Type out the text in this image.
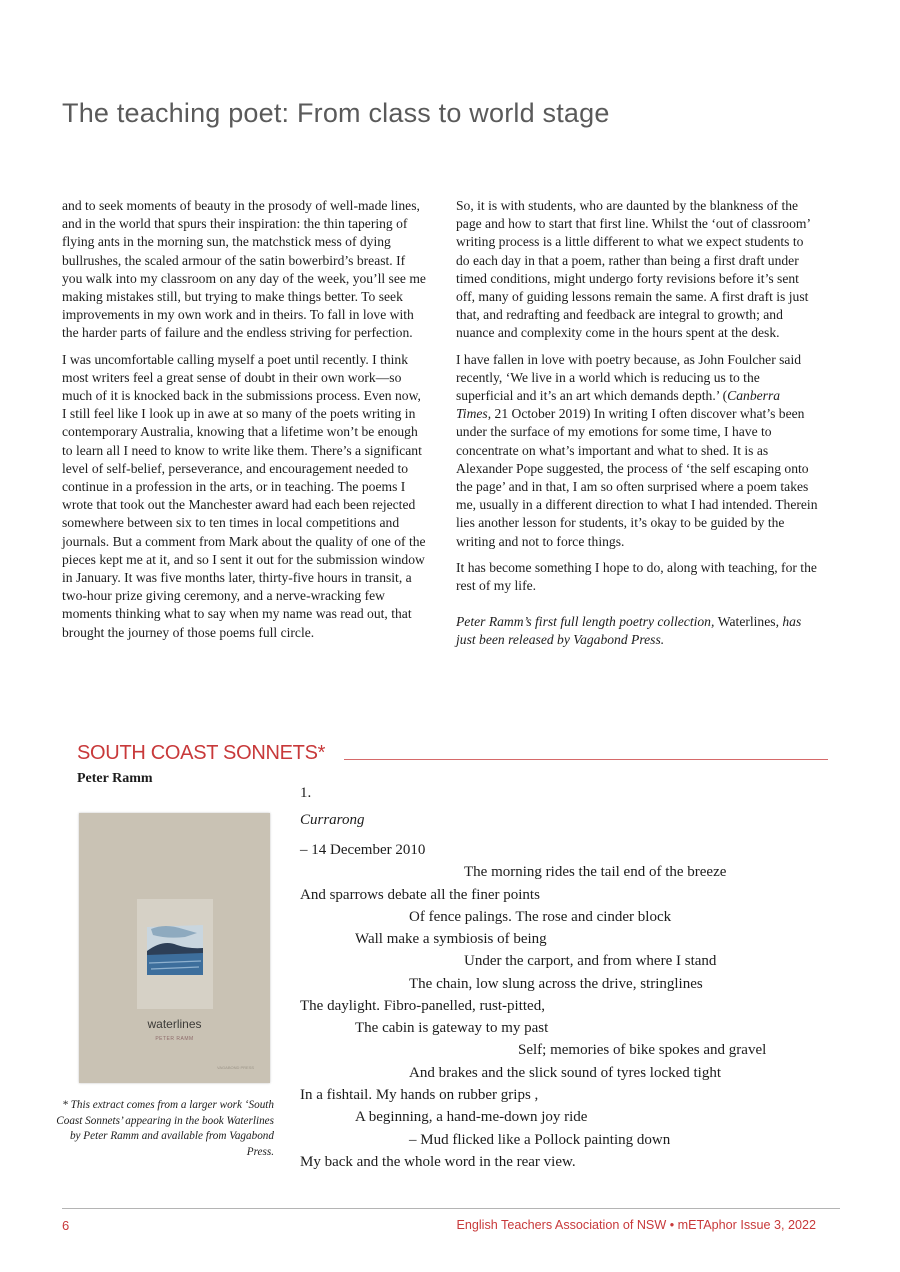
The teaching poet: From class to world stage

and to seek moments of beauty in the prosody of well-made lines, and in the world that spurs their inspiration: the thin tapering of flying ants in the morning sun, the matchstick mess of dying bullrushes, the scaled armour of the satin bowerbird’s breast. If you walk into my classroom on any day of the week, you’ll see me making mistakes still, but trying to make things better. To seek improvements in my own work and in theirs. To fall in love with the harder parts of failure and the endless striving for perfection.

I was uncomfortable calling myself a poet until recently. I think most writers feel a great sense of doubt in their own work—so much of it is knocked back in the submissions process. Even now, I still feel like I look up in awe at so many of the poets writing in contemporary Australia, knowing that a lifetime won’t be enough to learn all I need to know to write like them. There’s a significant level of self-belief, perseverance, and encouragement needed to continue in a profession in the arts, or in teaching. The poems I wrote that took out the Manchester award had each been rejected somewhere between six to ten times in local competitions and journals. But a comment from Mark about the quality of one of the pieces kept me at it, and so I sent it out for the submission window in January. It was five months later, thirty-five hours in transit, a two-hour prize giving ceremony, and a nerve-wracking few moments thinking what to say when my name was read out, that brought the journey of those poems full circle.

So, it is with students, who are daunted by the blankness of the page and how to start that first line. Whilst the ‘out of classroom’ writing process is a little different to what we expect students to do each day in that a poem, rather than being a first draft under timed conditions, might undergo forty revisions before it’s sent off, many of guiding lessons remain the same. A first draft is just that, and redrafting and feedback are integral to growth; and nuance and complexity come in the hours spent at the desk.

I have fallen in love with poetry because, as John Foulcher said recently, ‘We live in a world which is reducing us to the superficial and it’s an art which demands depth.’ (Canberra Times, 21 October 2019) In writing I often discover what’s been under the surface of my emotions for some time, I have to concentrate on what’s important and what to shed. It is as Alexander Pope suggested, the process of ‘the self escaping onto the page’ and in that, I am so often surprised where a poem takes me, usually in a different direction to what I had intended. Therein lies another lesson for students, it’s okay to be guided by the writing and not to force things.

It has become something I hope to do, along with teaching, for the rest of my life.

Peter Ramm’s first full length poetry collection, Waterlines, has just been released by Vagabond Press.

SOUTH COAST SONNETS*
Peter Ramm
waterlines
PETER RAMM
VAGABOND PRESS
* This extract comes from a larger work ‘South Coast Sonnets’ appearing in the book Waterlines by Peter Ramm and available from Vagabond Press.
1.
Currarong
– 14 December 2010
The morning rides the tail end of the breeze
And sparrows debate all the finer points
Of fence palings. The rose and cinder block
Wall make a symbiosis of being
Under the carport, and from where I stand
The chain, low slung across the drive, stringlines
The daylight. Fibro-panelled, rust-pitted,
The cabin is gateway to my past
Self; memories of bike spokes and gravel
And brakes and the slick sound of tyres locked tight
In a fishtail. My hands on rubber grips ,
A beginning, a hand-me-down joy ride
– Mud flicked like a Pollock painting down
My back and the whole word in the rear view.
6	English Teachers Association of NSW • mETAphor Issue 3, 2022
